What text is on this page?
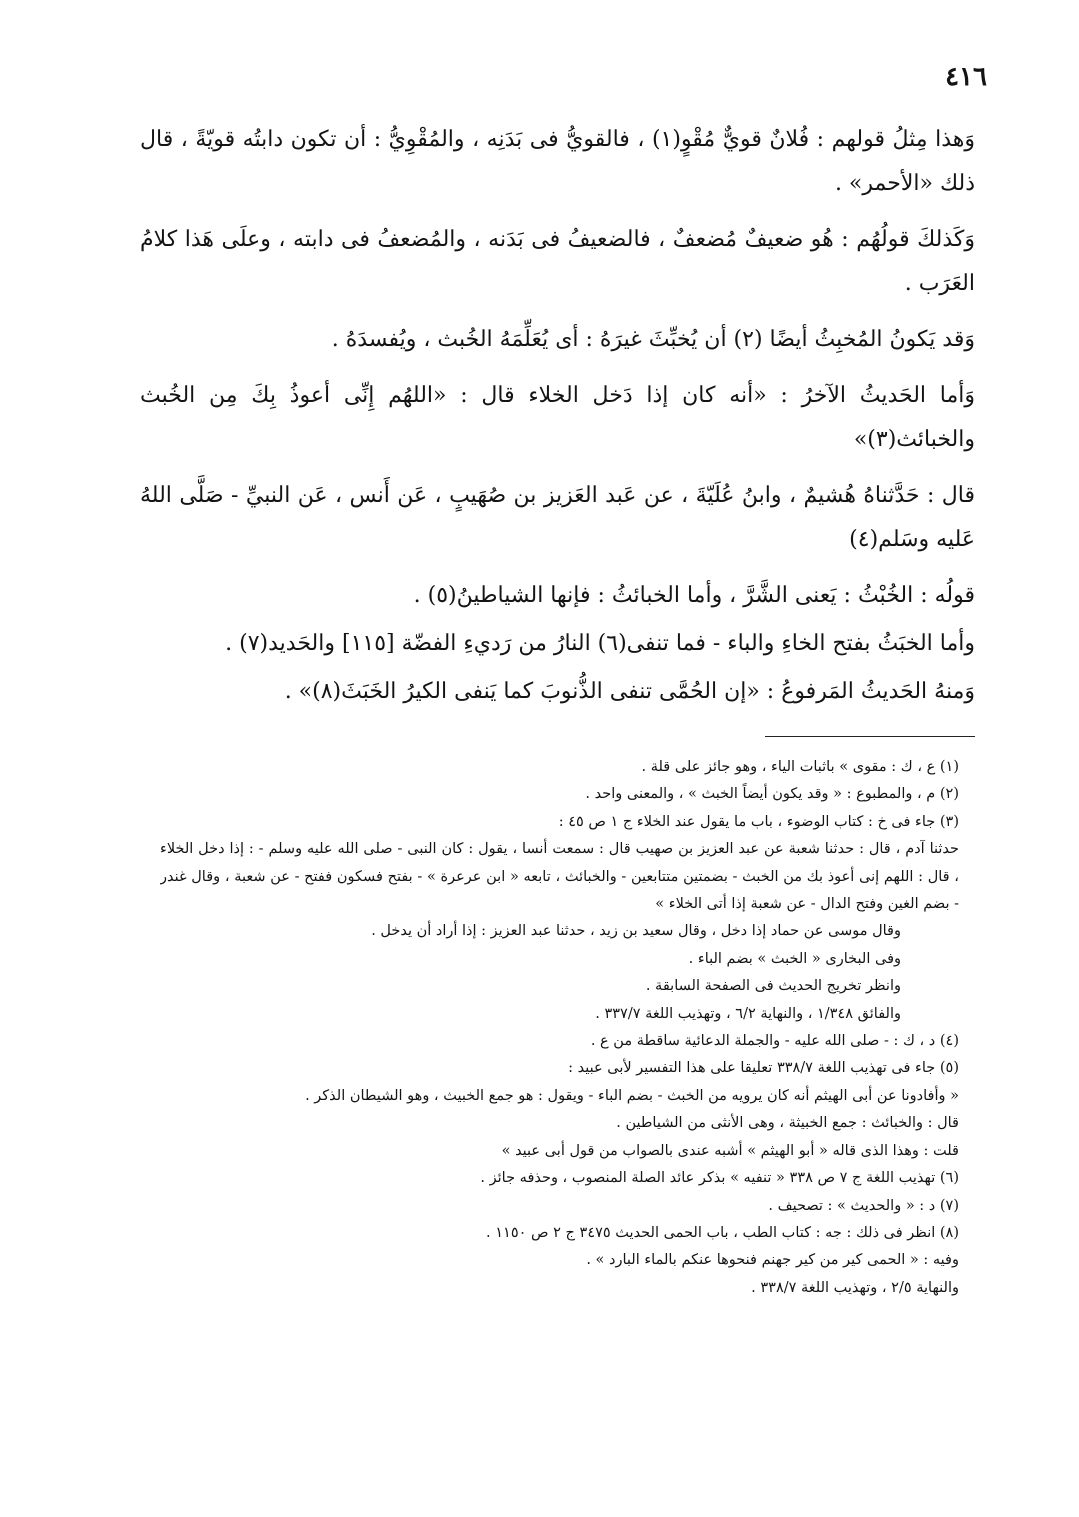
٤١٦

وَهذا مِثلُ قولهم : فُلانٌ قويٌّ مُقْوٍ(١) ، فالقويُّ فى بَدَنِه ، والمُقْوِيُّ : أن تكون دابتُه قويّةً ، قال ذلك «الأحمر» .

وَكَذلكَ قولُهُم : هُو ضعيفٌ مُضعفٌ ، فالضعيفُ فى بَدَنه ، والمُضعفُ فى دابته ، وعلَى هَذا كلامُ العَرَب .

وَقد يَكونُ المُخبِثُ أيضًا (٢) أن يُخبِّثَ غيرَهُ : أى يُعَلِّمَهُ الخُبث ، ويُفسدَهُ .

وَأما الحَديثُ الآخرُ : «أنه كان إذا دَخل الخلاء قال : «اللهُم إِنِّى أعوذُ بِكَ مِن الخُبث والخبائث(٣)»

قال : حَدَّثناهُ هُشيمٌ ، وابنُ عُلَيّةَ ، عن عَبد العَزيز بن صُهَيبٍ ، عَن أَنس ، عَن النبيِّ - صَلَّى اللهُ عَليه وسَلم(٤)

قولُه : الخُبْثُ : يَعنى الشَّرَّ ، وأما الخبائثُ : فإنها الشياطينُ(٥) .

وأما الخبَثُ بفتح الخاءِ والباء - فما تنفى(٦) النارُ من رَديءِ الفضّة [١١٥] والحَديد(٧) .

وَمنهُ الحَديثُ المَرفوعُ : «إن الحُمَّى تنفى الذُّنوبَ كما يَنفى الكيرُ الخَبَثَ(٨)» .

(١) ع ، ك : مقوى » باثبات الياء ، وهو جائز على قلة .
(٢) م ، والمطبوع : « وقد يكون أيضاً الخبث » ، والمعنى واحد .
(٣) جاء فى خ : كتاب الوضوء ، باب ما يقول عند الخلاء ج ١ ص ٤٥ :
حدثنا آدم ، قال : حدثنا شعبة عن عبد العزيز بن صهيب قال : سمعت أنسا ، يقول : كان النبى - صلى الله عليه وسلم - : إذا دخل الخلاء ، قال : اللهم إنى أعوذ بك من الخبث - بضمتين متتابعين - والخبائث ، تابعه « ابن عرعرة » - بفتح فسكون ففتح - عن شعبة ، وقال غندر - بضم الغين وفتح الدال - عن شعبة إذا أتى الخلاء »
وقال موسى عن حماد إذا دخل ، وقال سعيد بن زيد ، حدثنا عبد العزيز : إذا أراد أن يدخل .
وفى البخارى « الخبث » بضم الباء .
وانظر تخريج الحديث فى الصفحة السابقة .
والفائق ١/٣٤٨ ، والنهاية ٦/٢ ، وتهذيب اللغة ٣٣٧/٧ .
(٤) د ، ك : - صلى الله عليه - والجملة الدعائية ساقطة من ع .
(٥) جاء فى تهذيب اللغة ٣٣٨/٧ تعليقا على هذا التفسير لأبى عبيد :
« وأفادونا عن أبى الهيثم أنه كان يرويه من الخبث - بضم الباء - ويقول : هو جمع الخبيث ، وهو الشيطان الذكر .
قال : والخبائث : جمع الخبيثة ، وهى الأنثى من الشياطين .
قلت : وهذا الذى قاله « أبو الهيثم » أشبه عندى بالصواب من قول أبى عبيد »
(٦) تهذيب اللغة ج ٧ ص ٣٣٨ « تنفيه » بذكر عائد الصلة المنصوب ، وحذفه جائز .
(٧) د : « والحديث » : تصحيف .
(٨) انظر فى ذلك : جه : كتاب الطب ، باب الحمى الحديث ٣٤٧٥ ج ٢ ص ١١٥٠ .
وفيه : « الحمى كير من كير جهنم فنحوها عنكم بالماء البارد » .
والنهاية ٢/٥ ، وتهذيب اللغة ٣٣٨/٧ .
